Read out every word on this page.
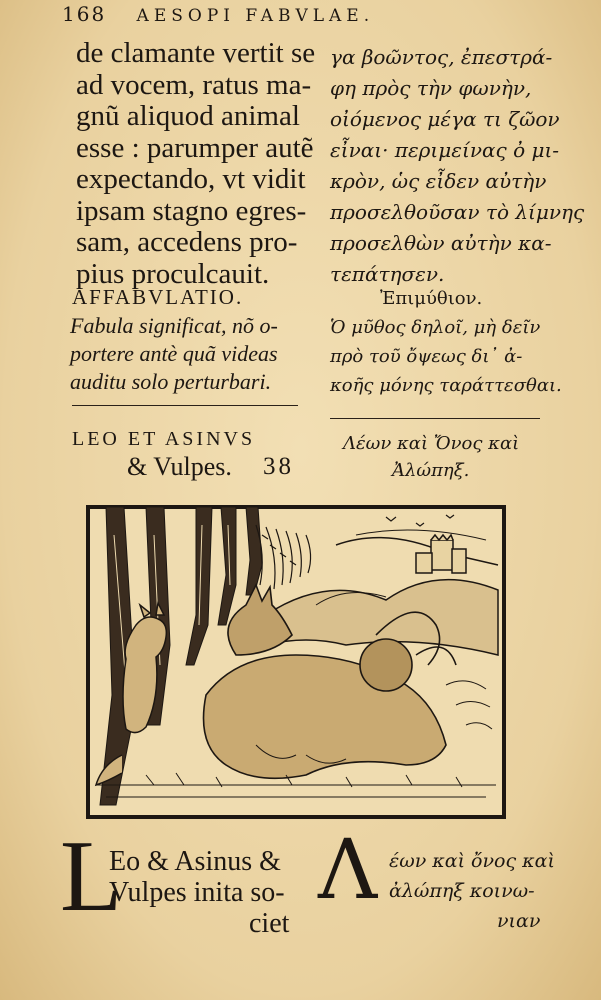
168 AESOPI FABVLAE.
de clamante vertit se
ad vocem, ratus ma-
gnũ aliquod animal
esse : parumper autẽ
expectando, vt vidit
ipsam stagno egres-
sam, accedens pro-
pius proculcauit.
γα βοῶντος, ἐπεστρά-
φη πρὸς τὴν φωνὴν,
οἰόμενος μέγα τι ζῶον
εἶναι· περιμείνας ὀ μι-
κρὸν, ὡς εἶδεν αὐτὴν
προσελθοῦσαν τὸ λίμνης
προσελθὼν αὐτὴν κα-
τεπάτησεν.
AFFABVLATIO.	Ἐπιμύθιον.
Fabula significat, nõ o-
portere antè quã videas
auditu solo perturbari.
Ὁ μῦθος δηλοῖ, μὴ δεῖν
πρὸ τοῦ ὄψεως δι᾽ ἀ-
κοῆς μόνης ταράττεσθαι.
LEO ET ASINVS
& Vulpes. 38
Λέων καὶ Ὄνος καὶ
Ἀλώπηξ.
L
Eo & Asinus &
Vulpes inita so-
ciet
Λ έων καὶ ὄνος καὶ
ἀλώπηξ κοινω-
νιαν
